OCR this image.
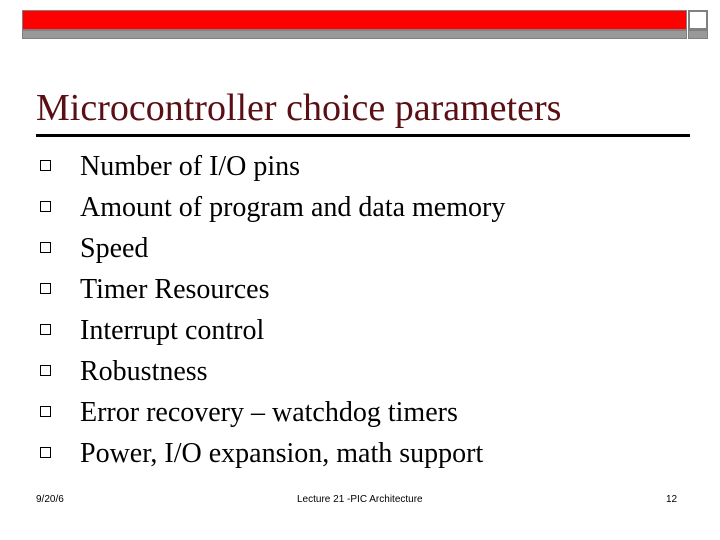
Microcontroller choice parameters
Number of I/O pins
Amount of program and data memory
Speed
Timer Resources
Interrupt control
Robustness
Error recovery – watchdog timers
Power, I/O expansion, math support
9/20/6	Lecture 21 -PIC Architecture	12
